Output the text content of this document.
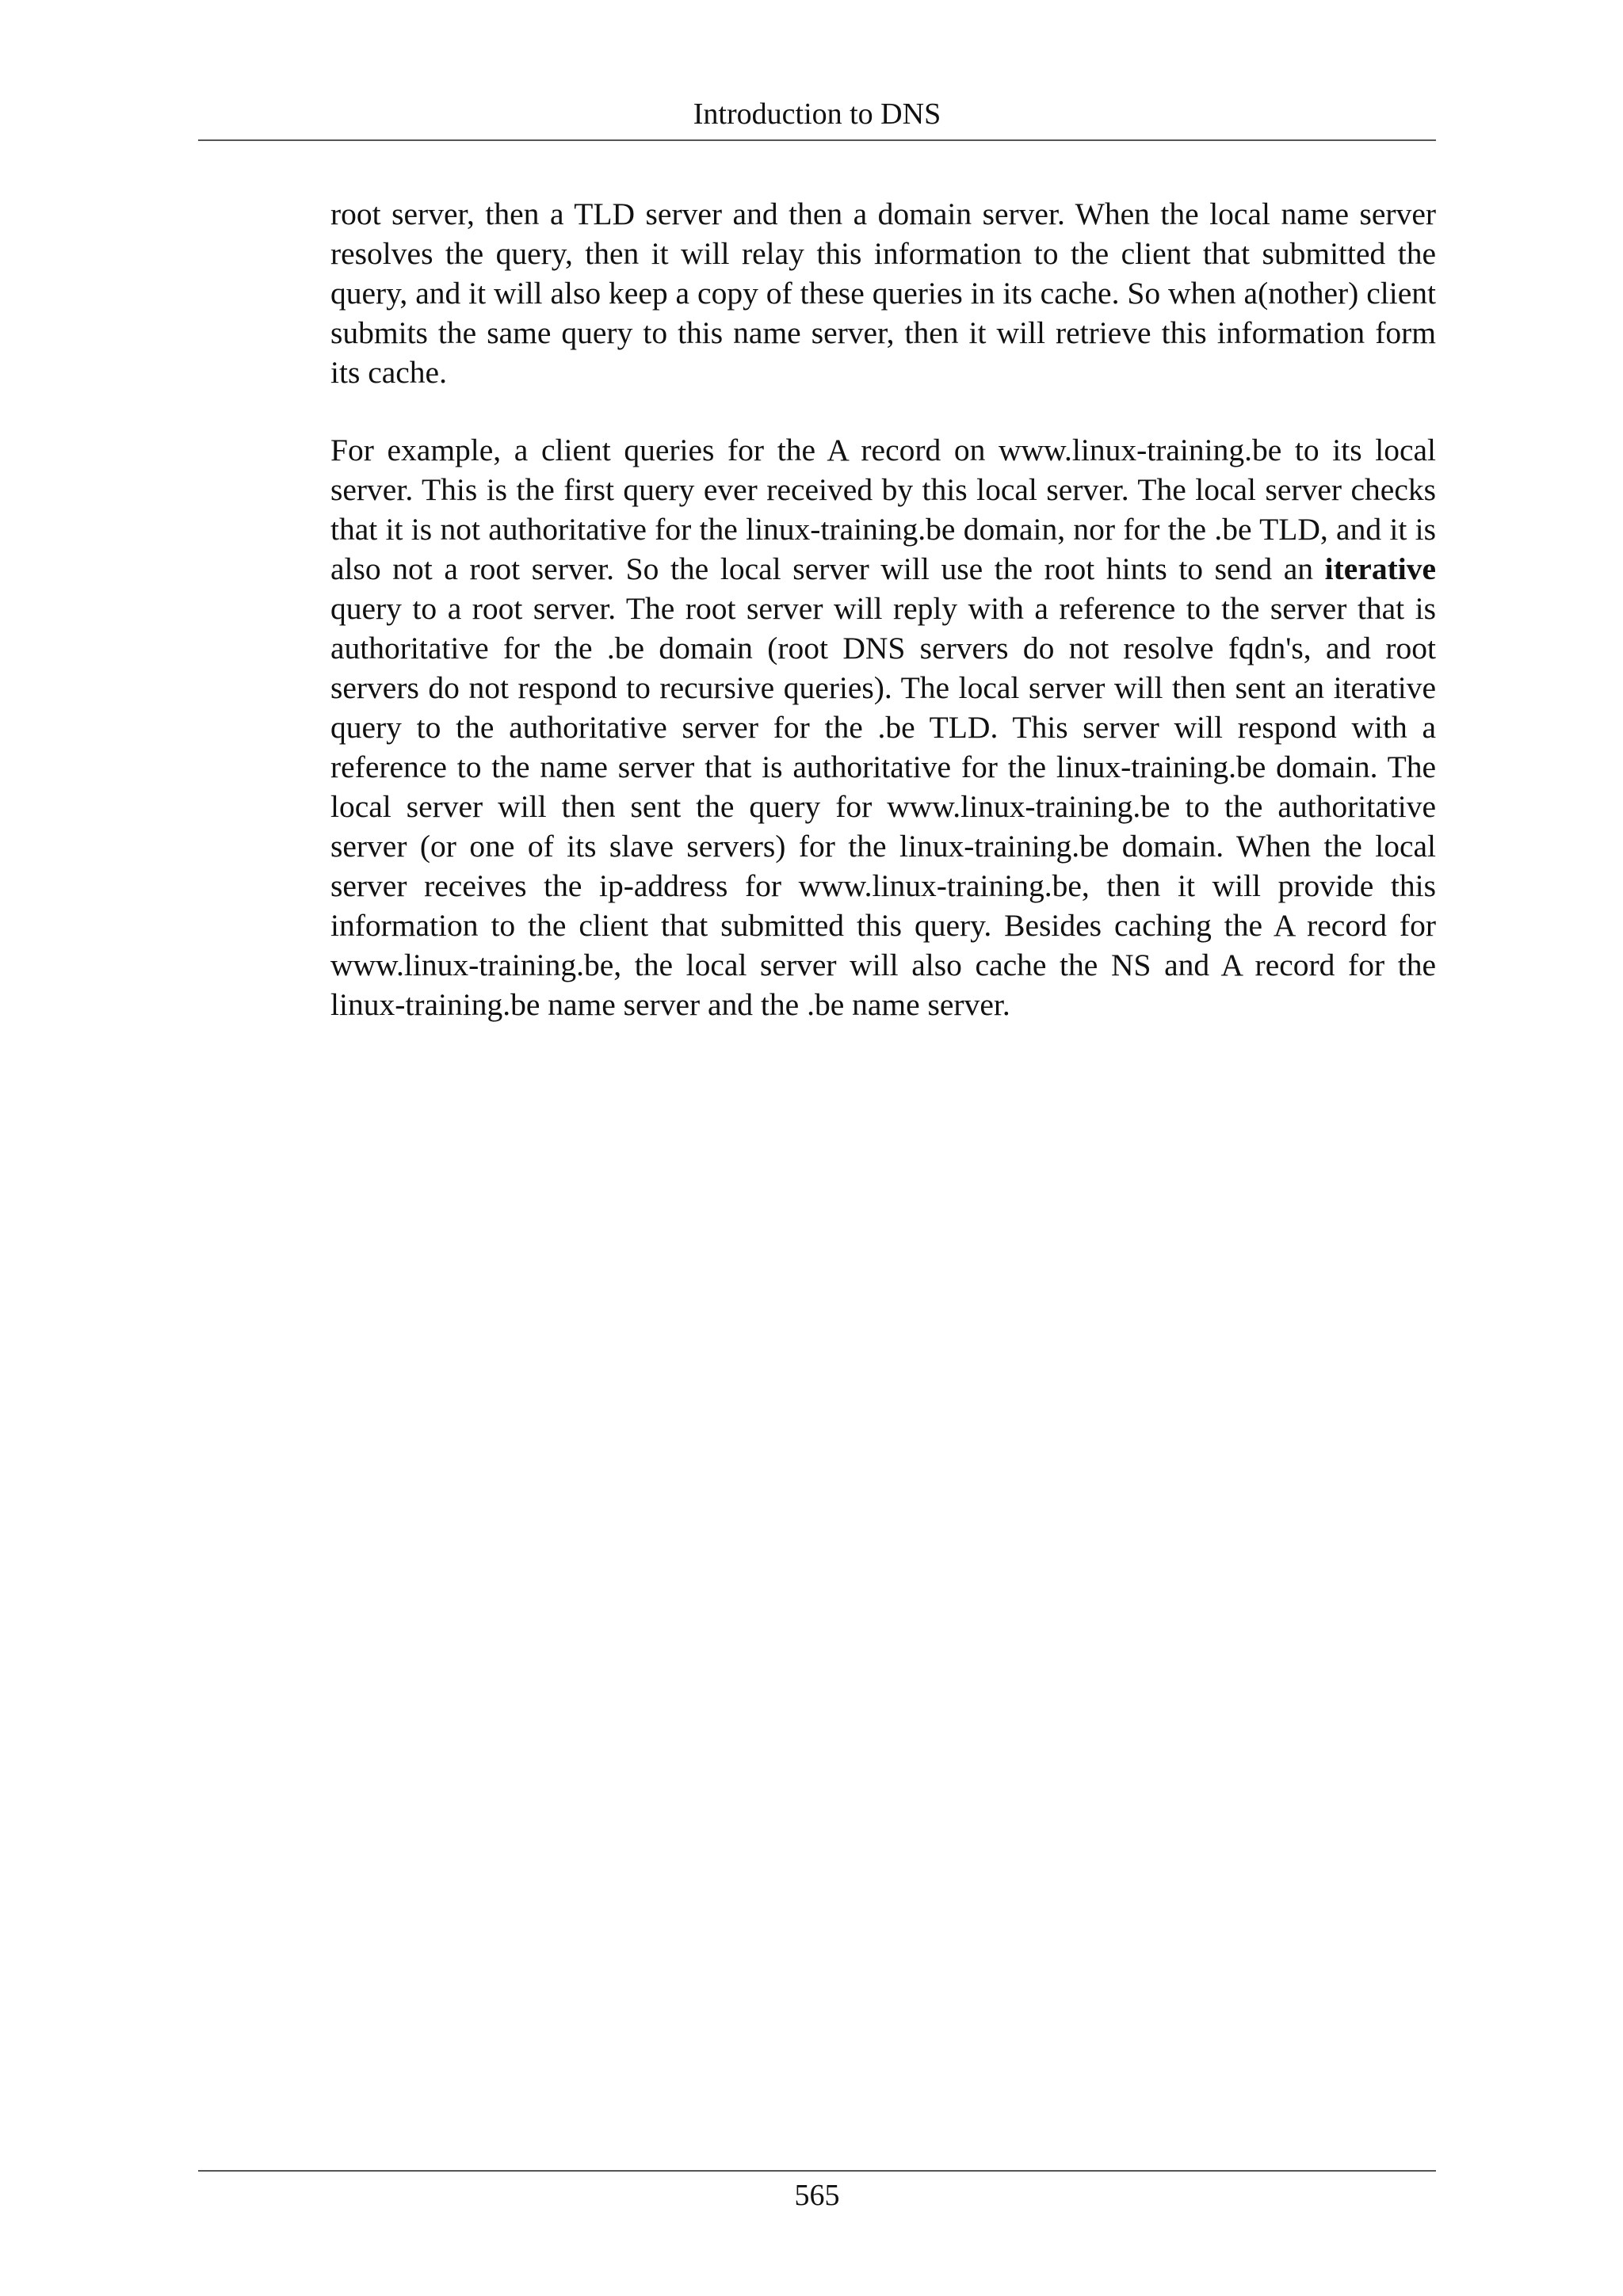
Introduction to DNS

root server, then a TLD server and then a domain server. When the local name server resolves the query, then it will relay this information to the client that submitted the query, and it will also keep a copy of these queries in its cache. So when a(nother) client submits the same query to this name server, then it will retrieve this information form its cache.

For example, a client queries for the A record on www.linux-training.be to its local server. This is the first query ever received by this local server. The local server checks that it is not authoritative for the linux-training.be domain, nor for the .be TLD, and it is also not a root server. So the local server will use the root hints to send an iterative query to a root server. The root server will reply with a reference to the server that is authoritative for the .be domain (root DNS servers do not resolve fqdn's, and root servers do not respond to recursive queries). The local server will then sent an iterative query to the authoritative server for the .be TLD. This server will respond with a reference to the name server that is authoritative for the linux-training.be domain. The local server will then sent the query for www.linux-training.be to the authoritative server (or one of its slave servers) for the linux-training.be domain. When the local server receives the ip-address for www.linux-training.be, then it will provide this information to the client that submitted this query. Besides caching the A record for www.linux-training.be, the local server will also cache the NS and A record for the linux-training.be name server and the .be name server.

565
